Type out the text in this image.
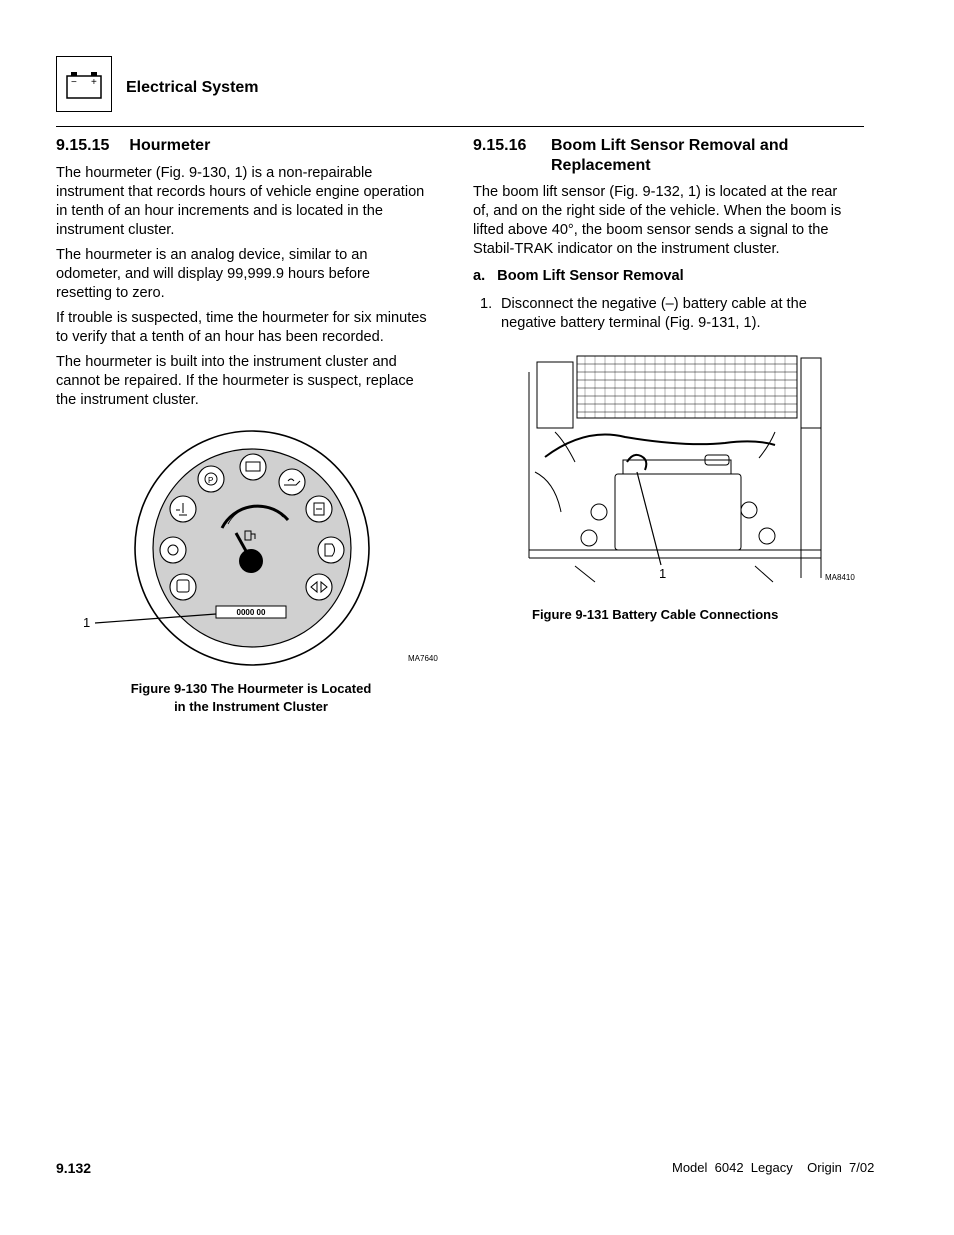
− + Electrical System
9.15.15 Hourmeter

The hourmeter (Fig. 9-130, 1) is a non-repairable
instrument that records hours of vehicle engine operation
in tenth of an hour increments and is located in the
instrument cluster.

The hourmeter is an analog device, similar to an
odometer, and will display 99,999.9 hours before
resetting to zero.

If trouble is suspected, time the hourmeter for six minutes
to verify that a tenth of an hour has been recorded.

The hourmeter is built into the instrument cluster and
cannot be repaired. If the hourmeter is suspect, replace
the instrument cluster.

P
0000 00
1
MA7640
Figure 9-130 The Hourmeter is Located
in the Instrument Cluster
9.15.16 Boom Lift Sensor Removal and
Replacement
The boom lift sensor (Fig. 9-132, 1) is located at the rear
of, and on the right side of the vehicle. When the boom is
lifted above 40°, the boom sensor sends a signal to the
Stabil-TRAK indicator on the instrument cluster.
a. Boom Lift Sensor Removal
1. Disconnect the negative (–) battery cable at the
negative battery terminal (Fig. 9-131, 1).
1	MA8410
Figure 9-131 Battery Cable Connections
9.132	Model  6042  Legacy    Origin  7/02
